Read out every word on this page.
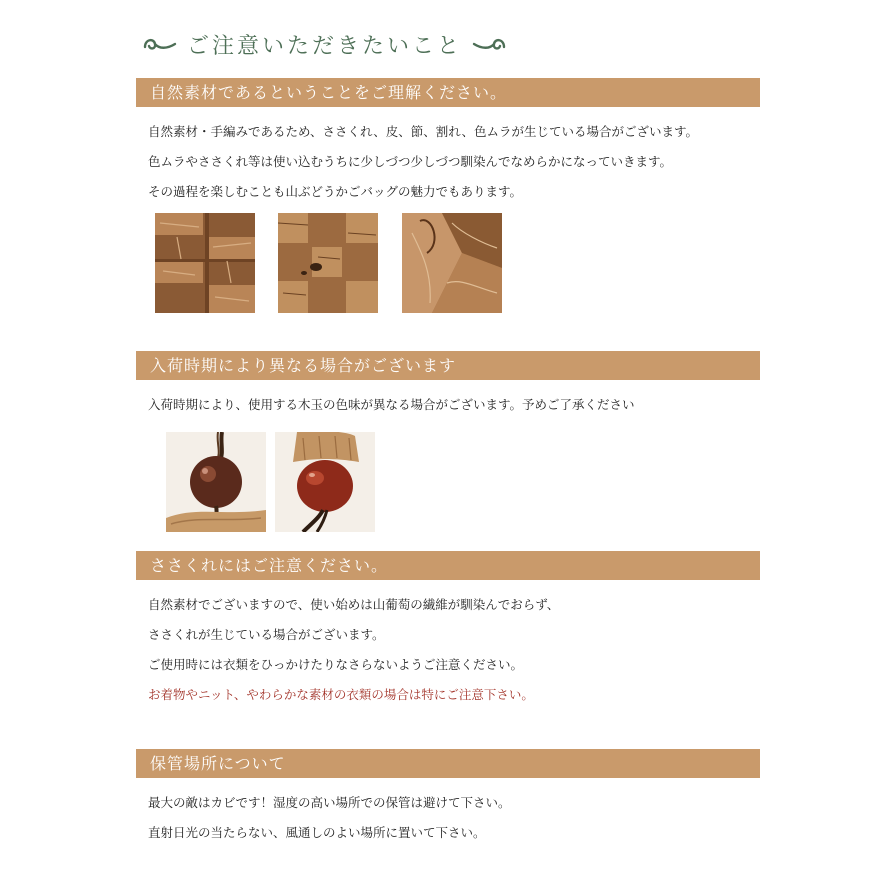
ご注意いただきたいこと
自然素材であるということをご理解ください。
自然素材・手編みであるため、ささくれ、皮、節、割れ、色ムラが生じている場合がございます。
色ムラやささくれ等は使い込むうちに少しづつ少しづつ馴染んでなめらかになっていきます。
その過程を楽しむことも山ぶどうかごバッグの魅力でもあります。
入荷時期により異なる場合がございます
入荷時期により、使用する木玉の色味が異なる場合がございます。予めご了承ください
ささくれにはご注意ください。
自然素材でございますので、使い始めは山葡萄の繊維が馴染んでおらず、
ささくれが生じている場合がございます。
ご使用時には衣類をひっかけたりなさらないようご注意ください。
お着物やニット、やわらかな素材の衣類の場合は特にご注意下さい。
保管場所について
最大の敵はカビです！湿度の高い場所での保管は避けて下さい。
直射日光の当たらない、風通しのよい場所に置いて下さい。
